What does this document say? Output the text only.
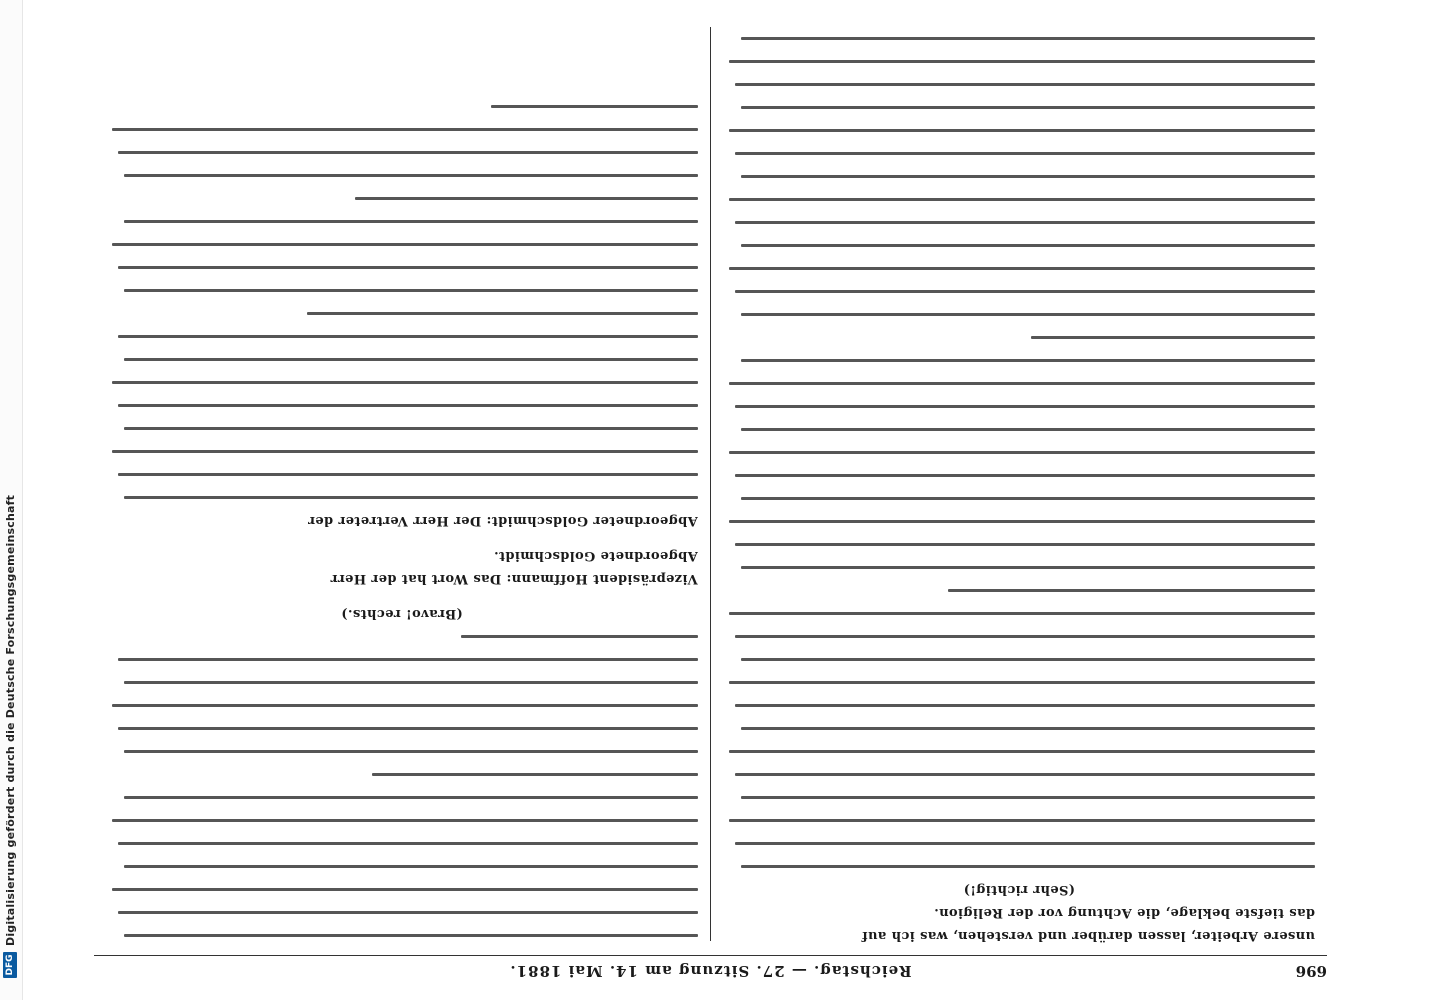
DFG
Digitalisierung gefördert durch die Deutsche Forschungsgemeinschaft
696
Reichstag. — 27. Sitzung am 14. Mai 1881.
unsere Arbeiter, lassen darüber und verstehen, was ich auf
das tiefste beklage, die Achtung vor der Religion.
(Sehr richtig!)
(Bravo! rechts.)
Vizepräsident Hoffmann: Das Wort hat der Herr
Abgeordnete Goldschmidt.
Abgeordneter Goldschmidt: Der Herr Vertreter der
